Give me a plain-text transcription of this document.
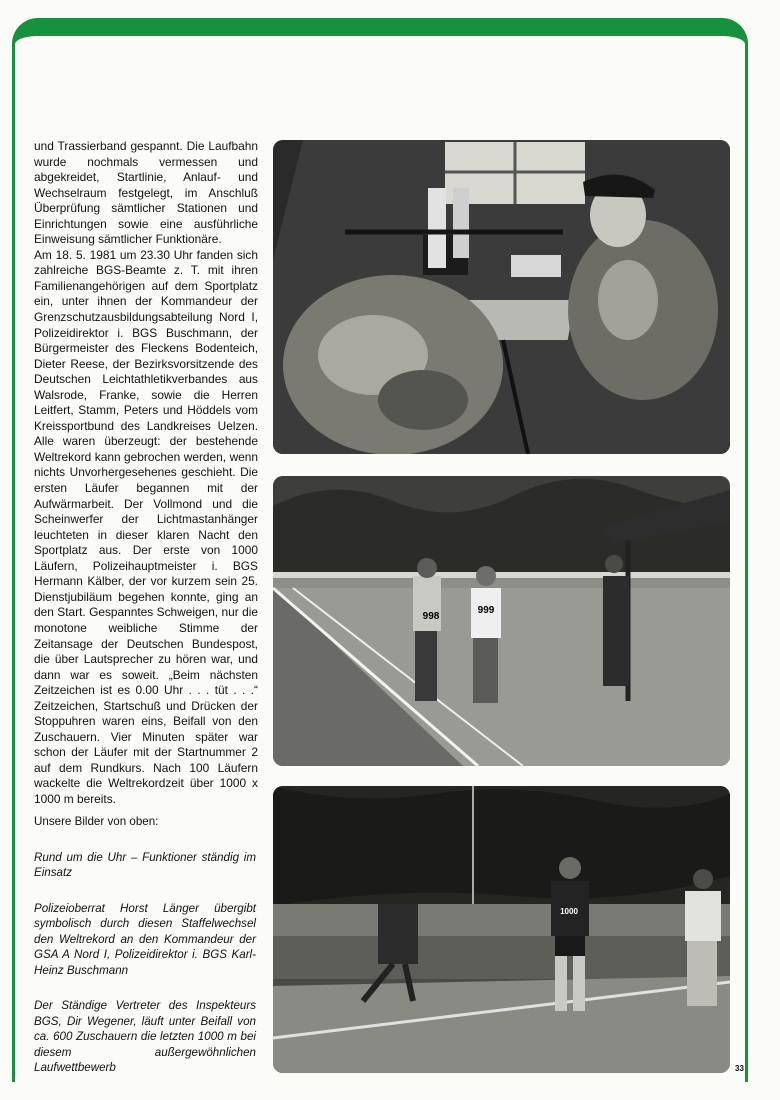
und Trassierband gespannt. Die Laufbahn wurde nochmals vermessen und abgekreidet, Startlinie, Anlauf- und Wechselraum festgelegt, im Anschluß Überprüfung sämtlicher Stationen und Einrichtungen sowie eine ausführliche Einweisung sämtlicher Funktionäre.

Am 18. 5. 1981 um 23.30 Uhr fanden sich zahlreiche BGS-Beamte z. T. mit ihren Familienangehörigen auf dem Sportplatz ein, unter ihnen der Kommandeur der Grenzschutzausbildungsabteilung Nord I, Polizeidirektor i. BGS Buschmann, der Bürgermeister des Fleckens Bodenteich, Dieter Reese, der Bezirksvorsitzende des Deutschen Leichtathletikverbandes aus Walsrode, Franke, sowie die Herren Leitfert, Stamm, Peters und Höddels vom Kreissportbund des Landkreises Uelzen. Alle waren überzeugt: der bestehende Weltrekord kann gebrochen werden, wenn nichts Unvorhergesehenes geschieht. Die ersten Läufer begannen mit der Aufwärmarbeit. Der Vollmond und die Scheinwerfer der Lichtmastanhänger leuchteten in dieser klaren Nacht den Sportplatz aus. Der erste von 1000 Läufern, Polizeihauptmeister i. BGS Hermann Kälber, der vor kurzem sein 25. Dienstjubiläum begehen konnte, ging an den Start. Gespanntes Schweigen, nur die monotone weibliche Stimme der Zeitansage der Deutschen Bundespost, die über Lautsprecher zu hören war, und dann war es soweit. „Beim nächsten Zeitzeichen ist es 0.00 Uhr . . . tüt . . .“ Zeitzeichen, Startschuß und Drücken der Stoppuhren waren eins, Beifall von den Zuschauern. Vier Minuten später war schon der Läufer mit der Startnummer 2 auf dem Rundkurs. Nach 100 Läufern wackelte die Weltrekordzeit über 1000 x 1000 m bereits.

998
999
1000

Unsere Bilder von oben:

Rund um die Uhr – Funktioner ständig im Einsatz

Polizeioberrat Horst Länger übergibt symbolisch durch diesen Staffelwechsel den Weltrekord an den Kommandeur der GSA A Nord I, Polizeidirektor i. BGS Karl-Heinz Buschmann

Der Ständige Vertreter des Inspekteurs BGS, Dir Wegener, läuft unter Beifall von ca. 600 Zuschauern die letzten 1000 m bei diesem außergewöhnlichen Laufwettbewerb	33
